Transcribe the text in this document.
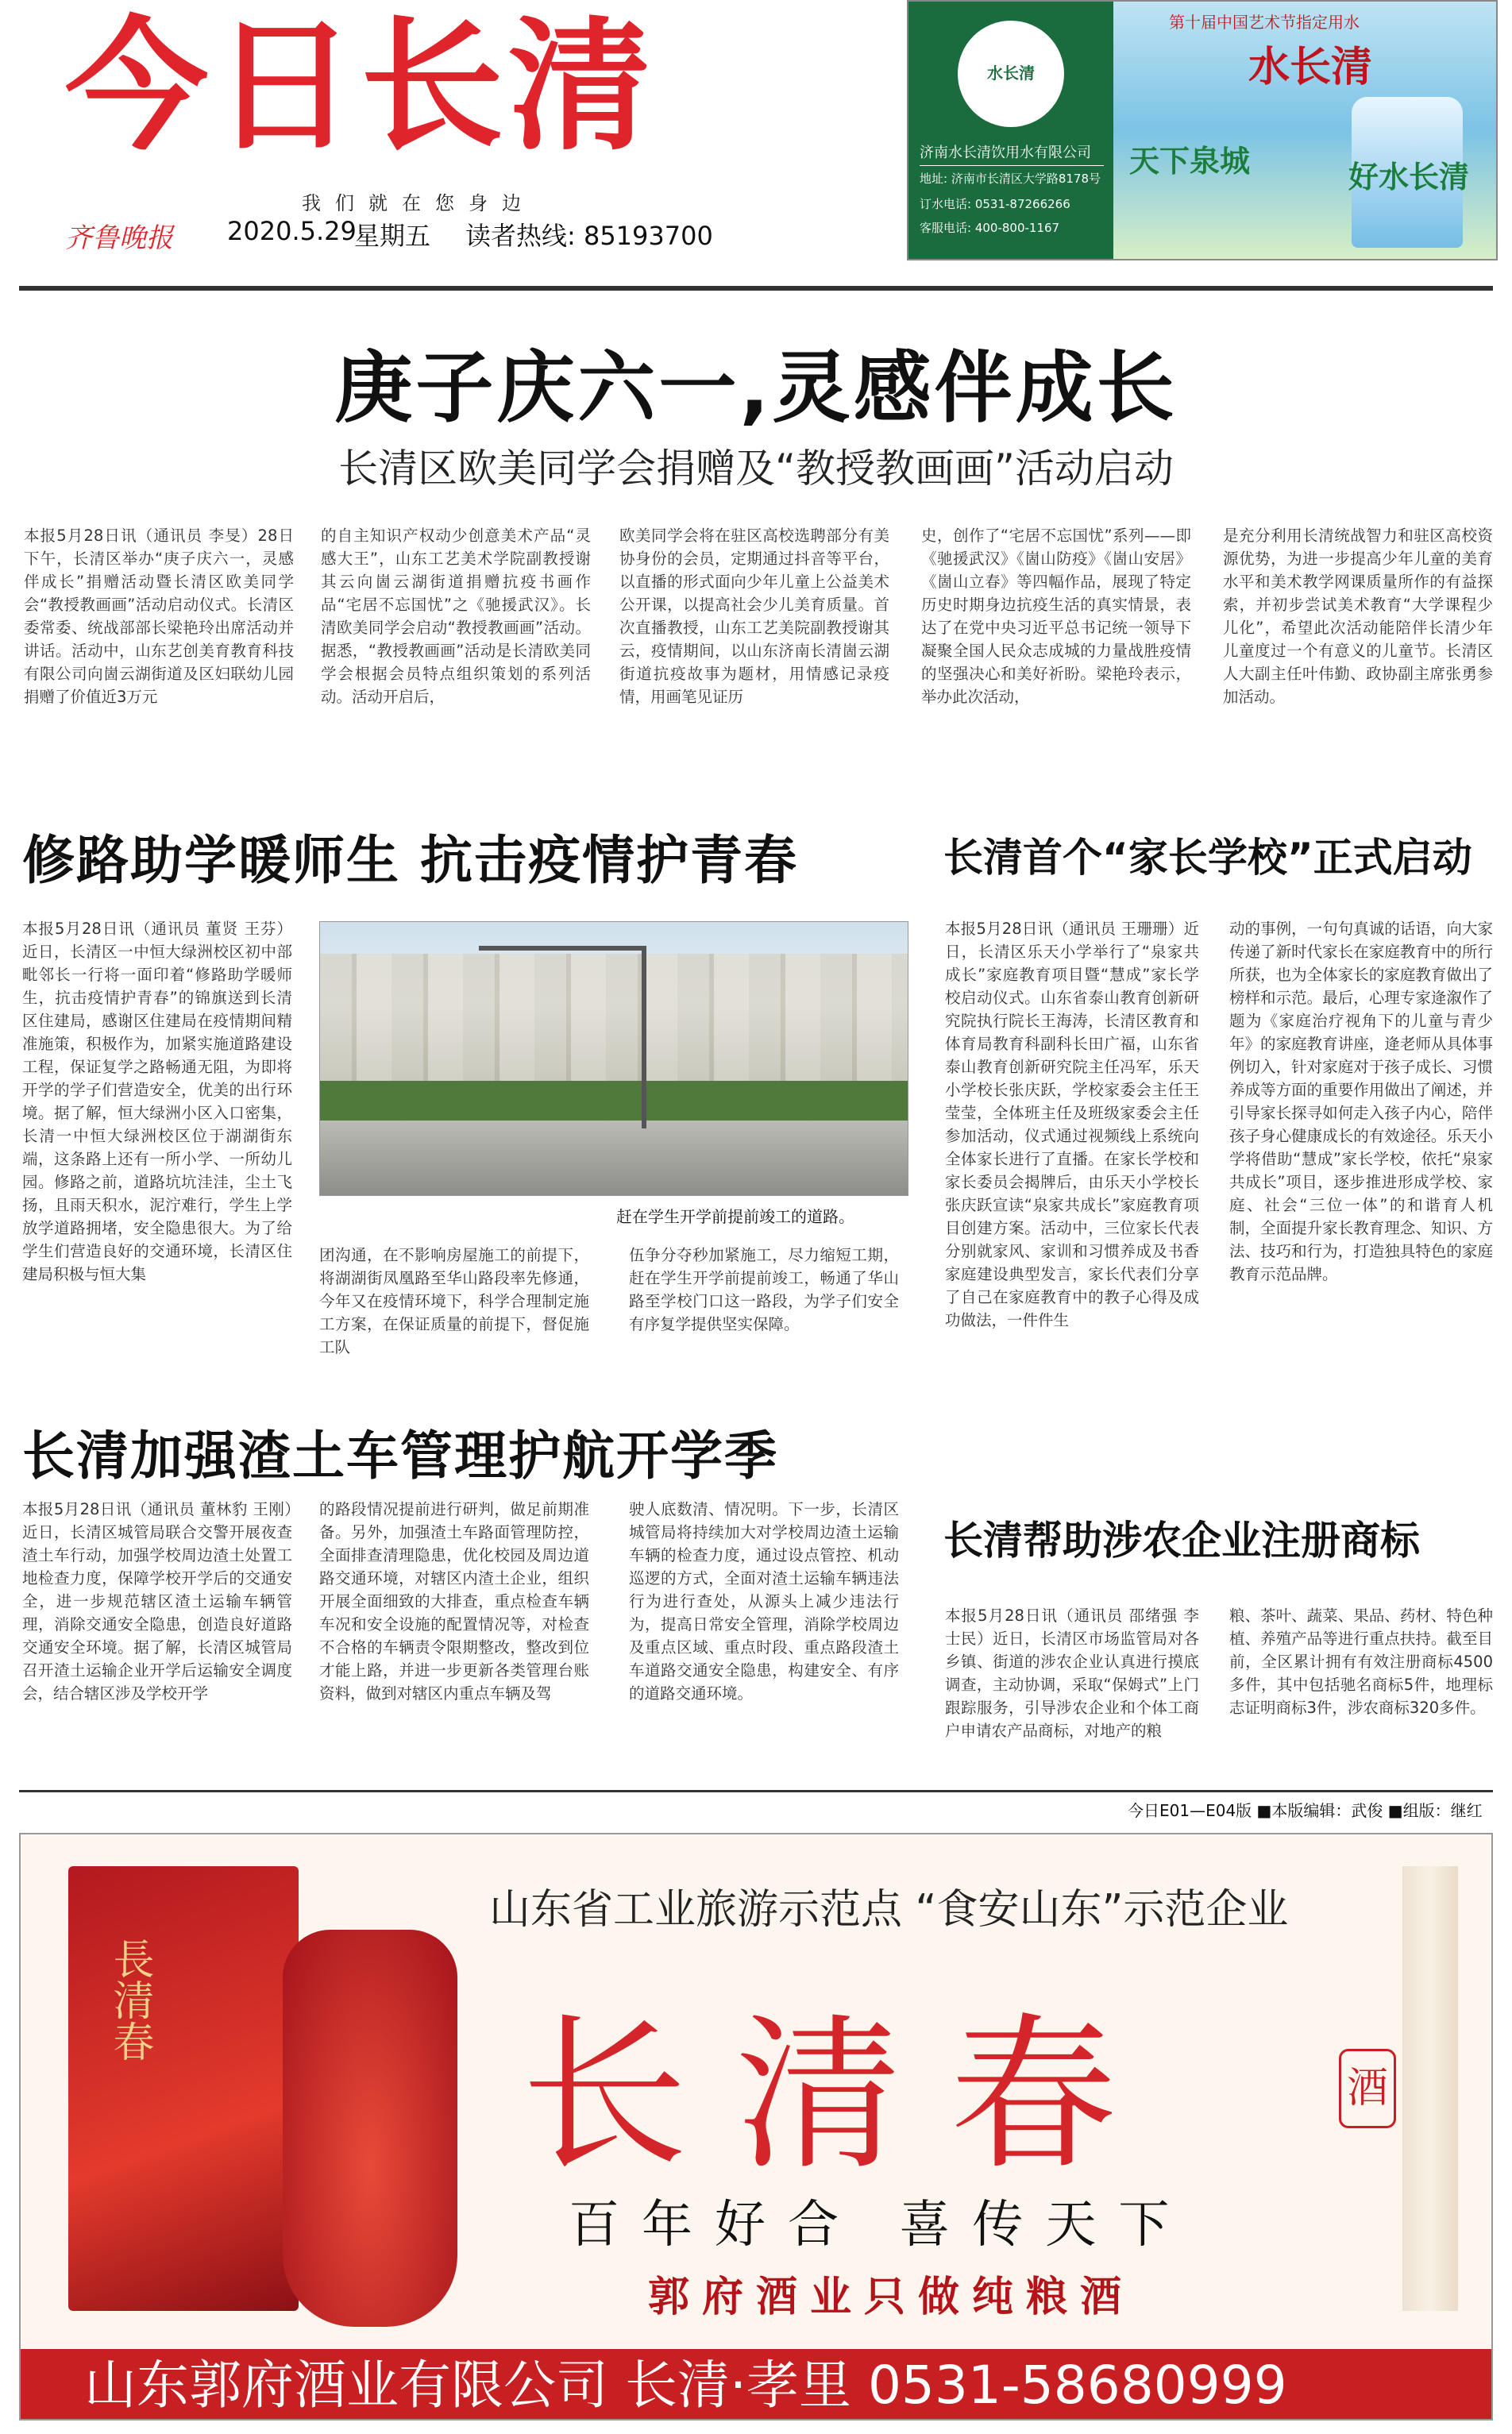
今日长清
我们就在您身边
齐鲁晚报 2020.5.29
星期五 读者热线: 85193700
水长清
济南水长清饮用水有限公司
地址: 济南市长清区大学路8178号
订水电话: 0531-87266266
客服电话: 400-800-1167
第十届中国艺术节指定用水
水长清
天下泉城	好水长清
庚子庆六一,灵感伴成长
长清区欧美同学会捐赠及“教授教画画”活动启动
本报5月28日讯（通讯员 李旻）28日下午，长清区举办“庚子庆六一，灵感伴成长”捐赠活动暨长清区欧美同学会“教授教画画”活动启动仪式。长清区委常委、统战部部长梁艳玲出席活动并讲话。活动中，山东艺创美育教育科技有限公司向崮云湖街道及区妇联幼儿园捐赠了价值近3万元
的自主知识产权动少创意美术产品“灵感大王”，山东工艺美术学院副教授谢其云向崮云湖街道捐赠抗疫书画作品“宅居不忘国忧”之《驰援武汉》。长清欧美同学会启动“教授教画画”活动。据悉，“教授教画画”活动是长清欧美同学会根据会员特点组织策划的系列活动。活动开启后，
欧美同学会将在驻区高校选聘部分有美协身份的会员，定期通过抖音等平台，以直播的形式面向少年儿童上公益美术公开课，以提高社会少儿美育质量。首次直播教授，山东工艺美院副教授谢其云，疫情期间，以山东济南长清崮云湖街道抗疫故事为题材，用情感记录疫情，用画笔见证历
史，创作了“宅居不忘国忧”系列——即《驰援武汉》《崮山防疫》《崮山安居》《崮山立春》等四幅作品，展现了特定历史时期身边抗疫生活的真实情景，表达了在党中央习近平总书记统一领导下凝聚全国人民众志成城的力量战胜疫情的坚强决心和美好祈盼。梁艳玲表示，举办此次活动，
是充分利用长清统战智力和驻区高校资源优势，为进一步提高少年儿童的美育水平和美术教学网课质量所作的有益探索，并初步尝试美术教育“大学课程少儿化”，希望此次活动能陪伴长清少年儿童度过一个有意义的儿童节。长清区人大副主任叶伟勤、政协副主席张勇参加活动。
修路助学暖师生 抗击疫情护青春
本报5月28日讯（通讯员 董贤 王芬）近日，长清区一中恒大绿洲校区初中部毗邻长一行将一面印着“修路助学暖师生，抗击疫情护青春”的锦旗送到长清区住建局，感谢区住建局在疫情期间精准施策，积极作为，加紧实施道路建设工程，保证复学之路畅通无阻，为即将开学的学子们营造安全，优美的出行环境。据了解，恒大绿洲小区入口密集，长清一中恒大绿洲校区位于湖湖街东端，这条路上还有一所小学、一所幼儿园。修路之前，道路坑坑洼洼，尘土飞扬，且雨天积水，泥泞难行，学生上学放学道路拥堵，安全隐患很大。为了给学生们营造良好的交通环境，长清区住建局积极与恒大集
赶在学生开学前提前竣工的道路。
团沟通，在不影响房屋施工的前提下，将湖湖街凤凰路至华山路段率先修通，今年又在疫情环境下，科学合理制定施工方案，在保证质量的前提下，督促施工队
伍争分夺秒加紧施工，尽力缩短工期，赶在学生开学前提前竣工，畅通了华山路至学校门口这一路段，为学子们安全有序复学提供坚实保障。
长清首个“家长学校”正式启动
本报5月28日讯（通讯员 王珊珊）近日，长清区乐天小学举行了“泉家共成长”家庭教育项目暨“慧成”家长学校启动仪式。山东省泰山教育创新研究院执行院长王海涛，长清区教育和体育局教育科副科长田广福，山东省泰山教育创新研究院主任冯军，乐天小学校长张庆跃，学校家委会主任王莹莹，全体班主任及班级家委会主任参加活动，仪式通过视频线上系统向全体家长进行了直播。在家长学校和家长委员会揭牌后，由乐天小学校长张庆跃宣读“泉家共成长”家庭教育项目创建方案。活动中，三位家长代表分别就家风、家训和习惯养成及书香家庭建设典型发言，家长代表们分享了自己在家庭教育中的教子心得及成功做法，一件件生
动的事例，一句句真诚的话语，向大家传递了新时代家长在家庭教育中的所行所获，也为全体家长的家庭教育做出了榜样和示范。最后，心理专家逄溆作了题为《家庭治疗视角下的儿童与青少年》的家庭教育讲座，逄老师从具体事例切入，针对家庭对于孩子成长、习惯养成等方面的重要作用做出了阐述，并引导家长探寻如何走入孩子内心，陪伴孩子身心健康成长的有效途径。乐天小学将借助“慧成”家长学校，依托“泉家共成长”项目，逐步推进形成学校、家庭、社会“三位一体”的和谐育人机制，全面提升家长教育理念、知识、方法、技巧和行为，打造独具特色的家庭教育示范品牌。
长清加强渣土车管理护航开学季
本报5月28日讯（通讯员 董林豹 王刚）近日，长清区城管局联合交警开展夜查渣土车行动，加强学校周边渣土处置工地检查力度，保障学校开学后的交通安全，进一步规范辖区渣土运输车辆管理，消除交通安全隐患，创造良好道路交通安全环境。据了解，长清区城管局召开渣土运输企业开学后运输安全调度会，结合辖区涉及学校开学
的路段情况提前进行研判，做足前期准备。另外，加强渣土车路面管理防控，全面排查清理隐患，优化校园及周边道路交通环境，对辖区内渣土企业，组织开展全面细致的大排查，重点检查车辆车况和安全设施的配置情况等，对检查不合格的车辆责令限期整改，整改到位才能上路，并进一步更新各类管理台账资料，做到对辖区内重点车辆及驾
驶人底数清、情况明。下一步，长清区城管局将持续加大对学校周边渣土运输车辆的检查力度，通过设点管控、机动巡逻的方式，全面对渣土运输车辆违法行为进行查处，从源头上减少违法行为，提高日常安全管理，消除学校周边及重点区域、重点时段、重点路段渣土车道路交通安全隐患，构建安全、有序的道路交通环境。
长清帮助涉农企业注册商标
本报5月28日讯（通讯员 邵绪强 李士民）近日，长清区市场监管局对各乡镇、街道的涉农企业认真进行摸底调查，主动协调，采取“保姆式”上门跟踪服务，引导涉农企业和个体工商户申请农产品商标，对地产的粮
粮、茶叶、蔬菜、果品、药材、特色种植、养殖产品等进行重点扶持。截至目前，全区累计拥有有效注册商标4500多件，其中包括驰名商标5件，地理标志证明商标3件，涉农商标320多件。
今日E01—E04版 ■本版编辑：武俊 ■组版：继红
長清春
山东省工业旅游示范点 “食安山东”示范企业
长清春	酒
百年好合 喜传天下
郭府酒业只做纯粮酒
山东郭府酒业有限公司 长清·孝里 0531-58680999
